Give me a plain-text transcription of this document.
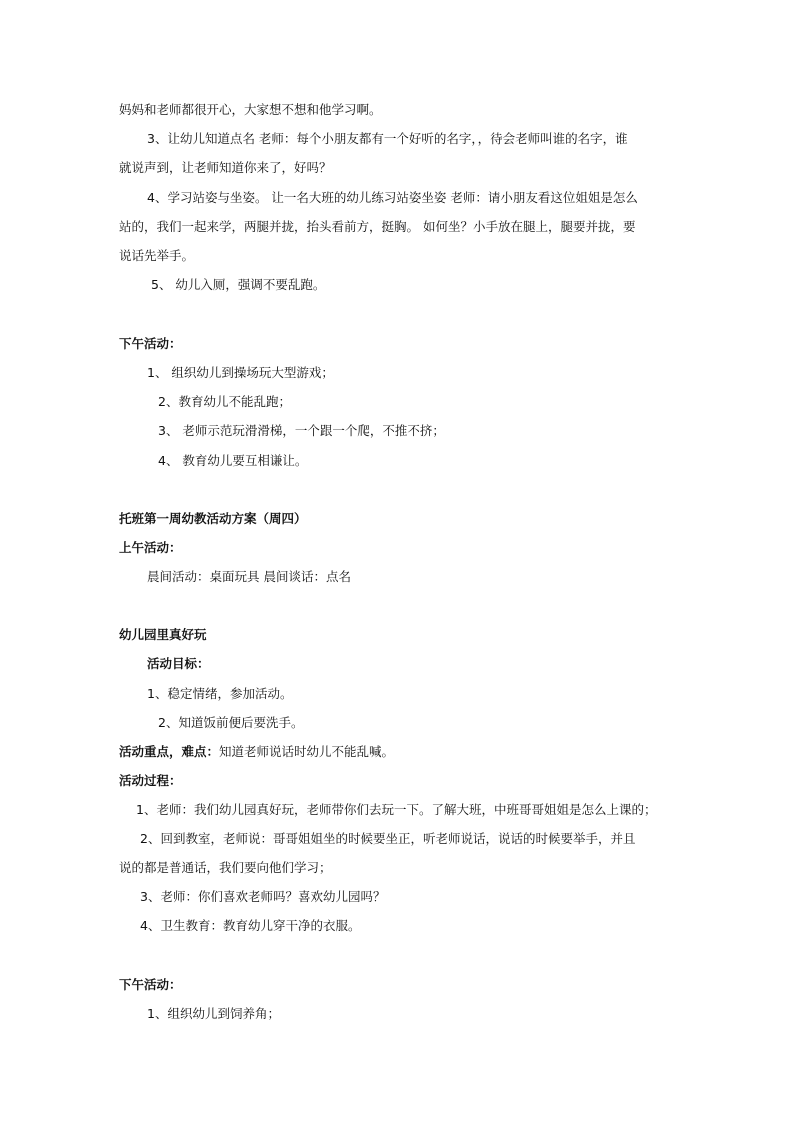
妈妈和老师都很开心，大家想不想和他学习啊。
3、让幼儿知道点名 老师：每个小朋友都有一个好听的名字，，待会老师叫谁的名字，谁
就说声到，让老师知道你来了，好吗？
4、学习站姿与坐姿。 让一名大班的幼儿练习站姿坐姿 老师：请小朋友看这位姐姐是怎么
站的，我们一起来学，两腿并拢，抬头看前方，挺胸。 如何坐？小手放在腿上，腿要并拢，要
说话先举手。
5、 幼儿入厕，强调不要乱跑。
下午活动：
1、 组织幼儿到操场玩大型游戏；
2、教育幼儿不能乱跑；
3、 老师示范玩滑滑梯，一个跟一个爬，不推不挤；
4、 教育幼儿要互相谦让。
托班第一周幼教活动方案（周四）
上午活动：
晨间活动：桌面玩具 晨间谈话：点名
幼儿园里真好玩
活动目标：
1、稳定情绪，参加活动。
2、知道饭前便后要洗手。
活动重点，难点：知道老师说话时幼儿不能乱喊。
活动过程：
1、老师：我们幼儿园真好玩，老师带你们去玩一下。了解大班，中班哥哥姐姐是怎么上课的；
2、回到教室，老师说：哥哥姐姐坐的时候要坐正，听老师说话，说话的时候要举手，并且
说的都是普通话，我们要向他们学习；
3、老师：你们喜欢老师吗？喜欢幼儿园吗？
4、卫生教育：教育幼儿穿干净的衣服。
下午活动：
1、组织幼儿到饲养角；
